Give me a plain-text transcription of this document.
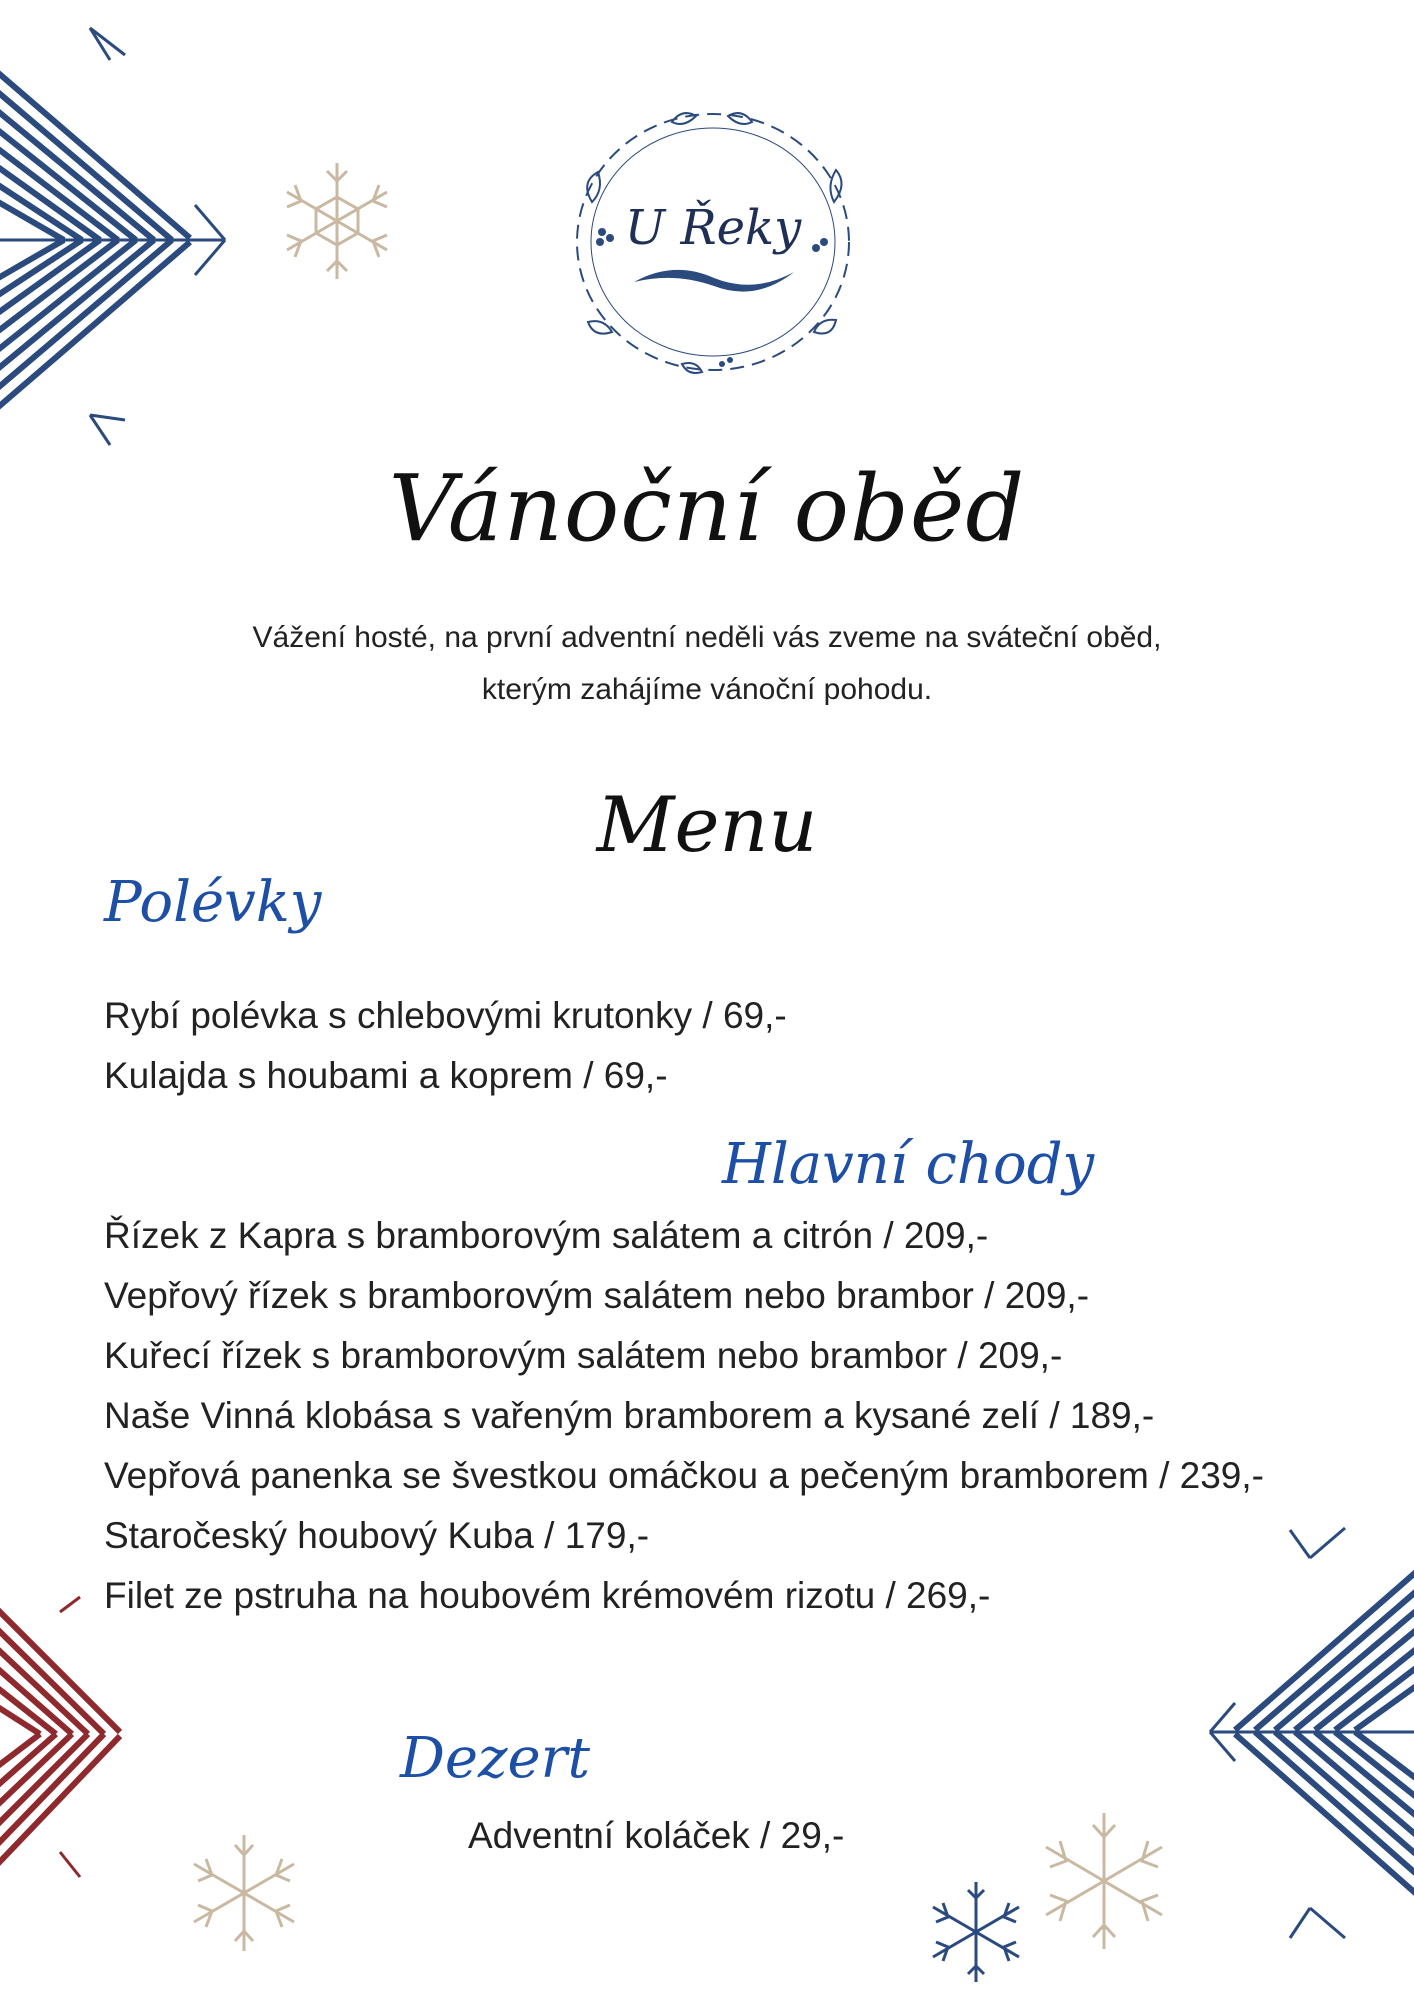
U Řeky
Vánoční oběd
Vážení hosté, na první adventní neděli vás zveme na sváteční oběd,
kterým zahájíme vánoční pohodu.
Menu
Polévky
Rybí polévka s chlebovými krutonky / 69,-
Kulajda s houbami a koprem / 69,-
Hlavní chody
Řízek z Kapra s bramborovým salátem a citrón / 209,-
Vepřový řízek s bramborovým salátem nebo brambor / 209,-
Kuřecí řízek s bramborovým salátem nebo brambor / 209,-
Naše Vinná klobása s vařeným bramborem a kysané zelí / 189,-
Vepřová panenka se švestkou omáčkou a pečeným bramborem / 239,-
Staročeský houbový Kuba / 179,-
Filet ze pstruha na houbovém krémovém rizotu / 269,-
Dezert
Adventní koláček / 29,-
